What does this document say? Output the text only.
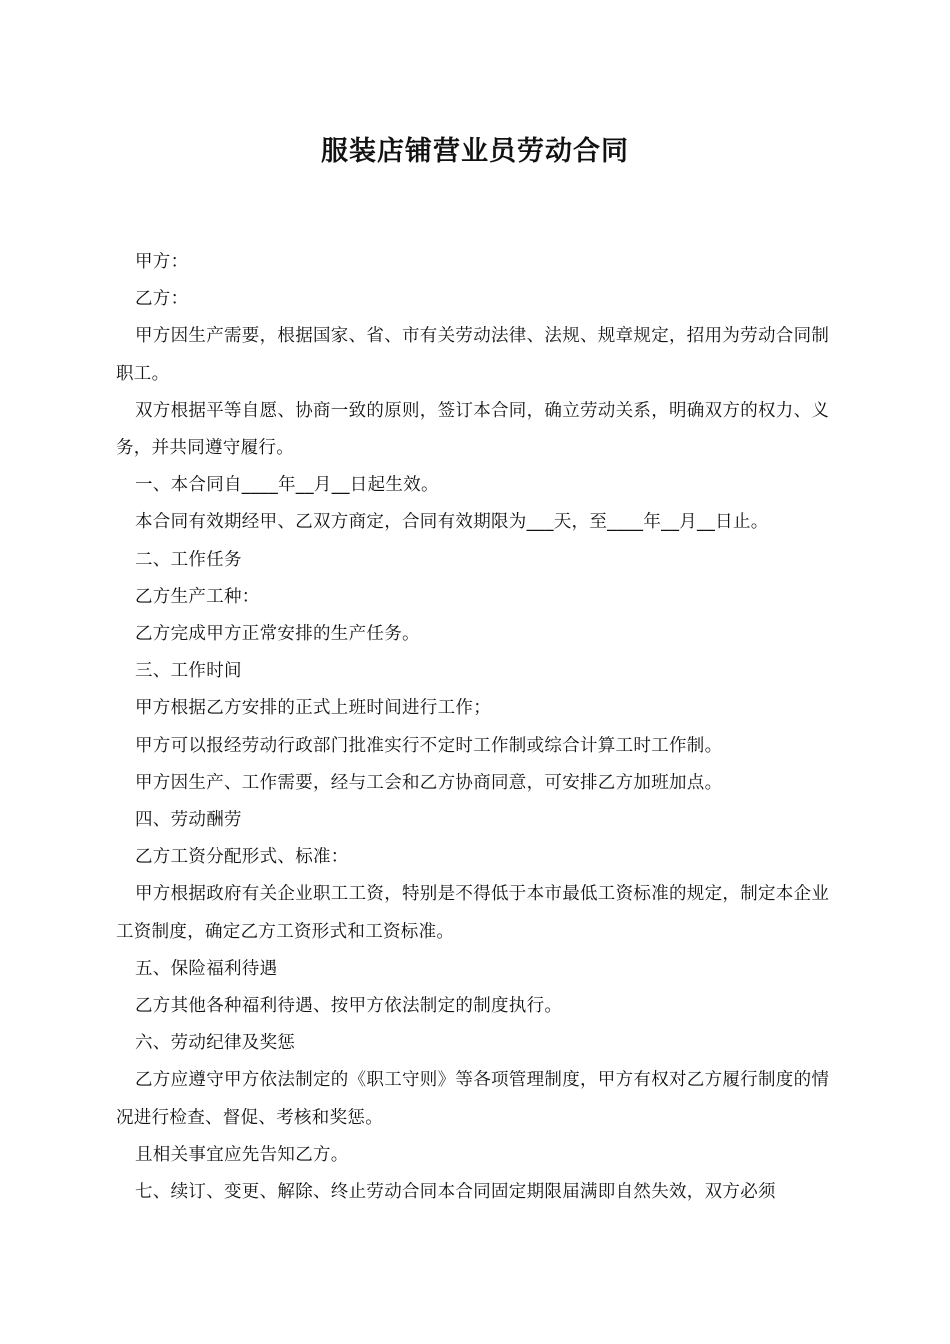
服装店铺营业员劳动合同

甲方：

乙方：

甲方因生产需要，根据国家、省、市有关劳动法律、法规、规章规定，招用为劳动合同制职工。

双方根据平等自愿、协商一致的原则，签订本合同，确立劳动关系，明确双方的权力、义务，并共同遵守履行。

一、本合同自____年__月__日起生效。

本合同有效期经甲、乙双方商定，合同有效期限为___天，至____年__月__日止。

二、工作任务

乙方生产工种：

乙方完成甲方正常安排的生产任务。

三、工作时间

甲方根据乙方安排的正式上班时间进行工作；

甲方可以报经劳动行政部门批准实行不定时工作制或综合计算工时工作制。

甲方因生产、工作需要，经与工会和乙方协商同意，可安排乙方加班加点。

四、劳动酬劳

乙方工资分配形式、标准：

甲方根据政府有关企业职工工资，特别是不得低于本市最低工资标准的规定，制定本企业工资制度，确定乙方工资形式和工资标准。

五、保险福利待遇

乙方其他各种福利待遇、按甲方依法制定的制度执行。

六、劳动纪律及奖惩

乙方应遵守甲方依法制定的《职工守则》等各项管理制度，甲方有权对乙方履行制度的情况进行检查、督促、考核和奖惩。

且相关事宜应先告知乙方。

七、续订、变更、解除、终止劳动合同本合同固定期限届满即自然失效，双方必须
